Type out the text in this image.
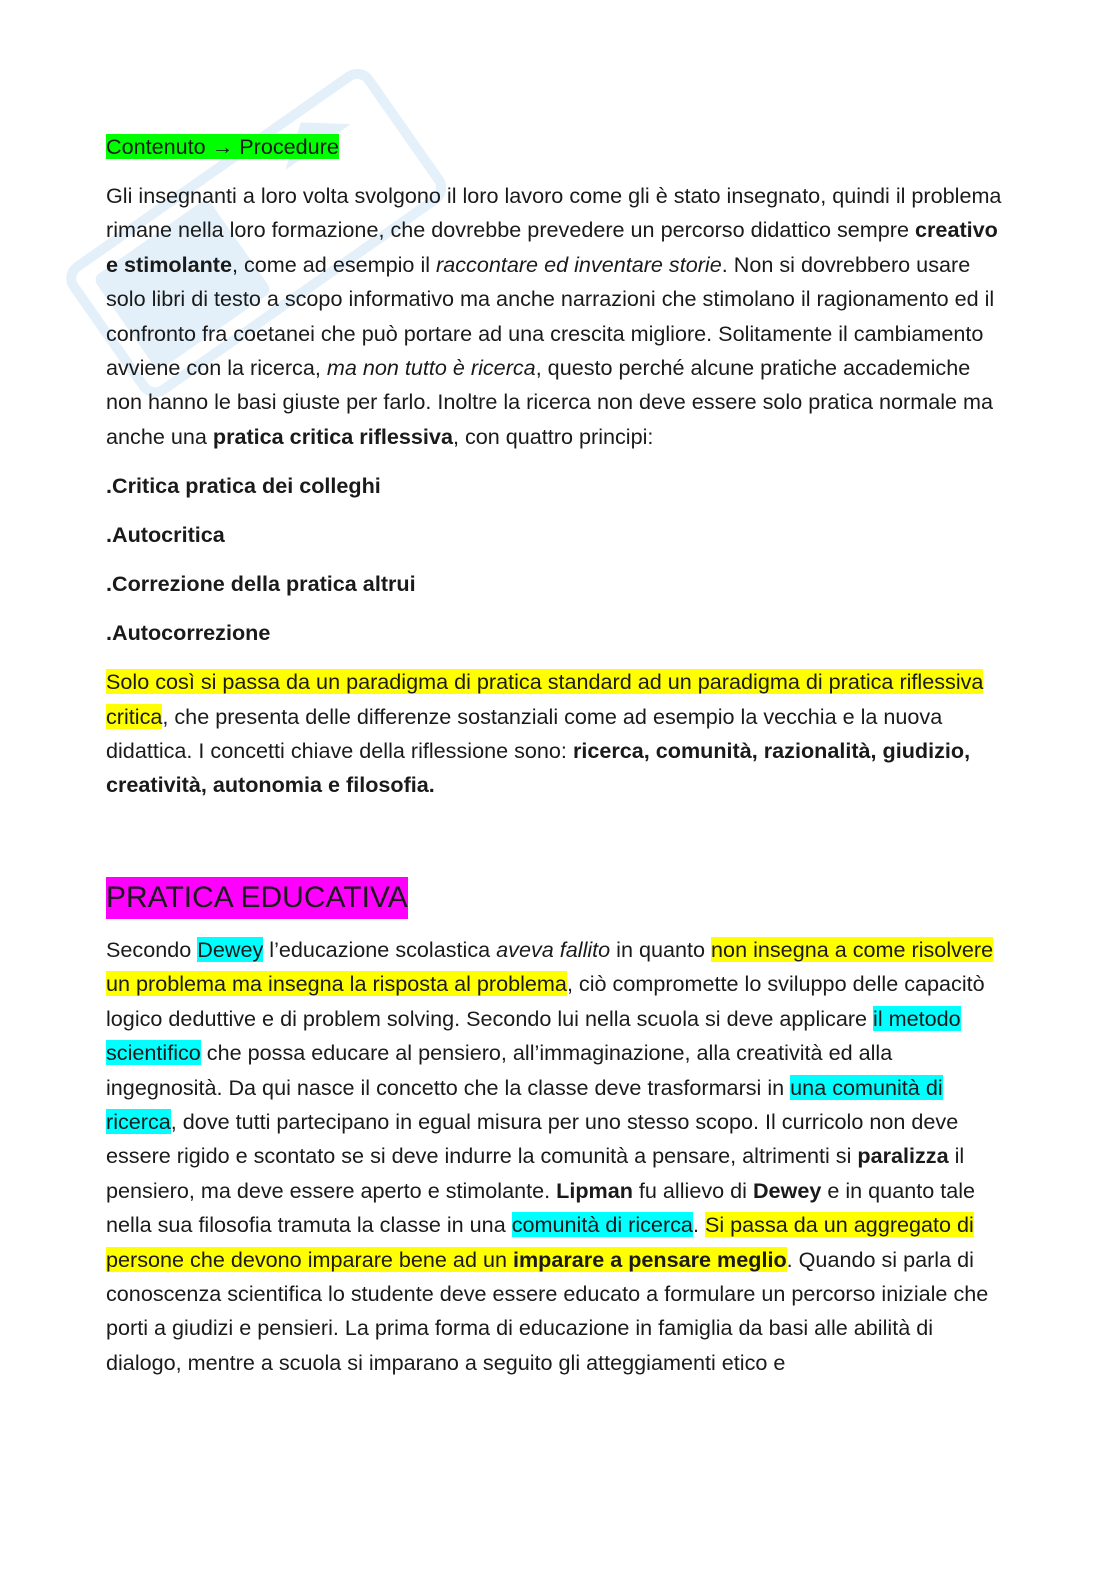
Contenuto → Procedure

Gli insegnanti a loro volta svolgono il loro lavoro come gli è stato insegnato, quindi il problema rimane nella loro formazione, che dovrebbe prevedere un percorso didattico sempre creativo e stimolante, come ad esempio il raccontare ed inventare storie. Non si dovrebbero usare solo libri di testo a scopo informativo ma anche narrazioni che stimolano il ragionamento ed il confronto fra coetanei che può portare ad una crescita migliore. Solitamente il cambiamento avviene con la ricerca, ma non tutto è ricerca, questo perché alcune pratiche accademiche non hanno le basi giuste per farlo. Inoltre la ricerca non deve essere solo pratica normale ma anche una pratica critica riflessiva, con quattro principi:

.Critica pratica dei colleghi

.Autocritica

.Correzione della pratica altrui

.Autocorrezione

Solo così si passa da un paradigma di pratica standard ad un paradigma di pratica riflessiva critica, che presenta delle differenze sostanziali come ad esempio la vecchia e la nuova didattica. I concetti chiave della riflessione sono: ricerca, comunità, razionalità, giudizio, creatività, autonomia e filosofia.

PRATICA EDUCATIVA

Secondo Dewey l’educazione scolastica aveva fallito in quanto non insegna a come risolvere un problema ma insegna la risposta al problema, ciò compromette lo sviluppo delle capacitò logico deduttive e di problem solving. Secondo lui nella scuola si deve applicare il metodo scientifico che possa educare al pensiero, all’immaginazione, alla creatività ed alla ingegnosità. Da qui nasce il concetto che la classe deve trasformarsi in una comunità di ricerca, dove tutti partecipano in egual misura per uno stesso scopo. Il curricolo non deve essere rigido e scontato se si deve indurre la comunità a pensare, altrimenti si paralizza il pensiero, ma deve essere aperto e stimolante. Lipman fu allievo di Dewey e in quanto tale nella sua filosofia tramuta la classe in una comunità di ricerca. Si passa da un aggregato di persone che devono imparare bene ad un imparare a pensare meglio. Quando si parla di conoscenza scientifica lo studente deve essere educato a formulare un percorso iniziale che porti a giudizi e pensieri. La prima forma di educazione in famiglia da basi alle abilità di dialogo, mentre a scuola si imparano a seguito gli atteggiamenti etico e
